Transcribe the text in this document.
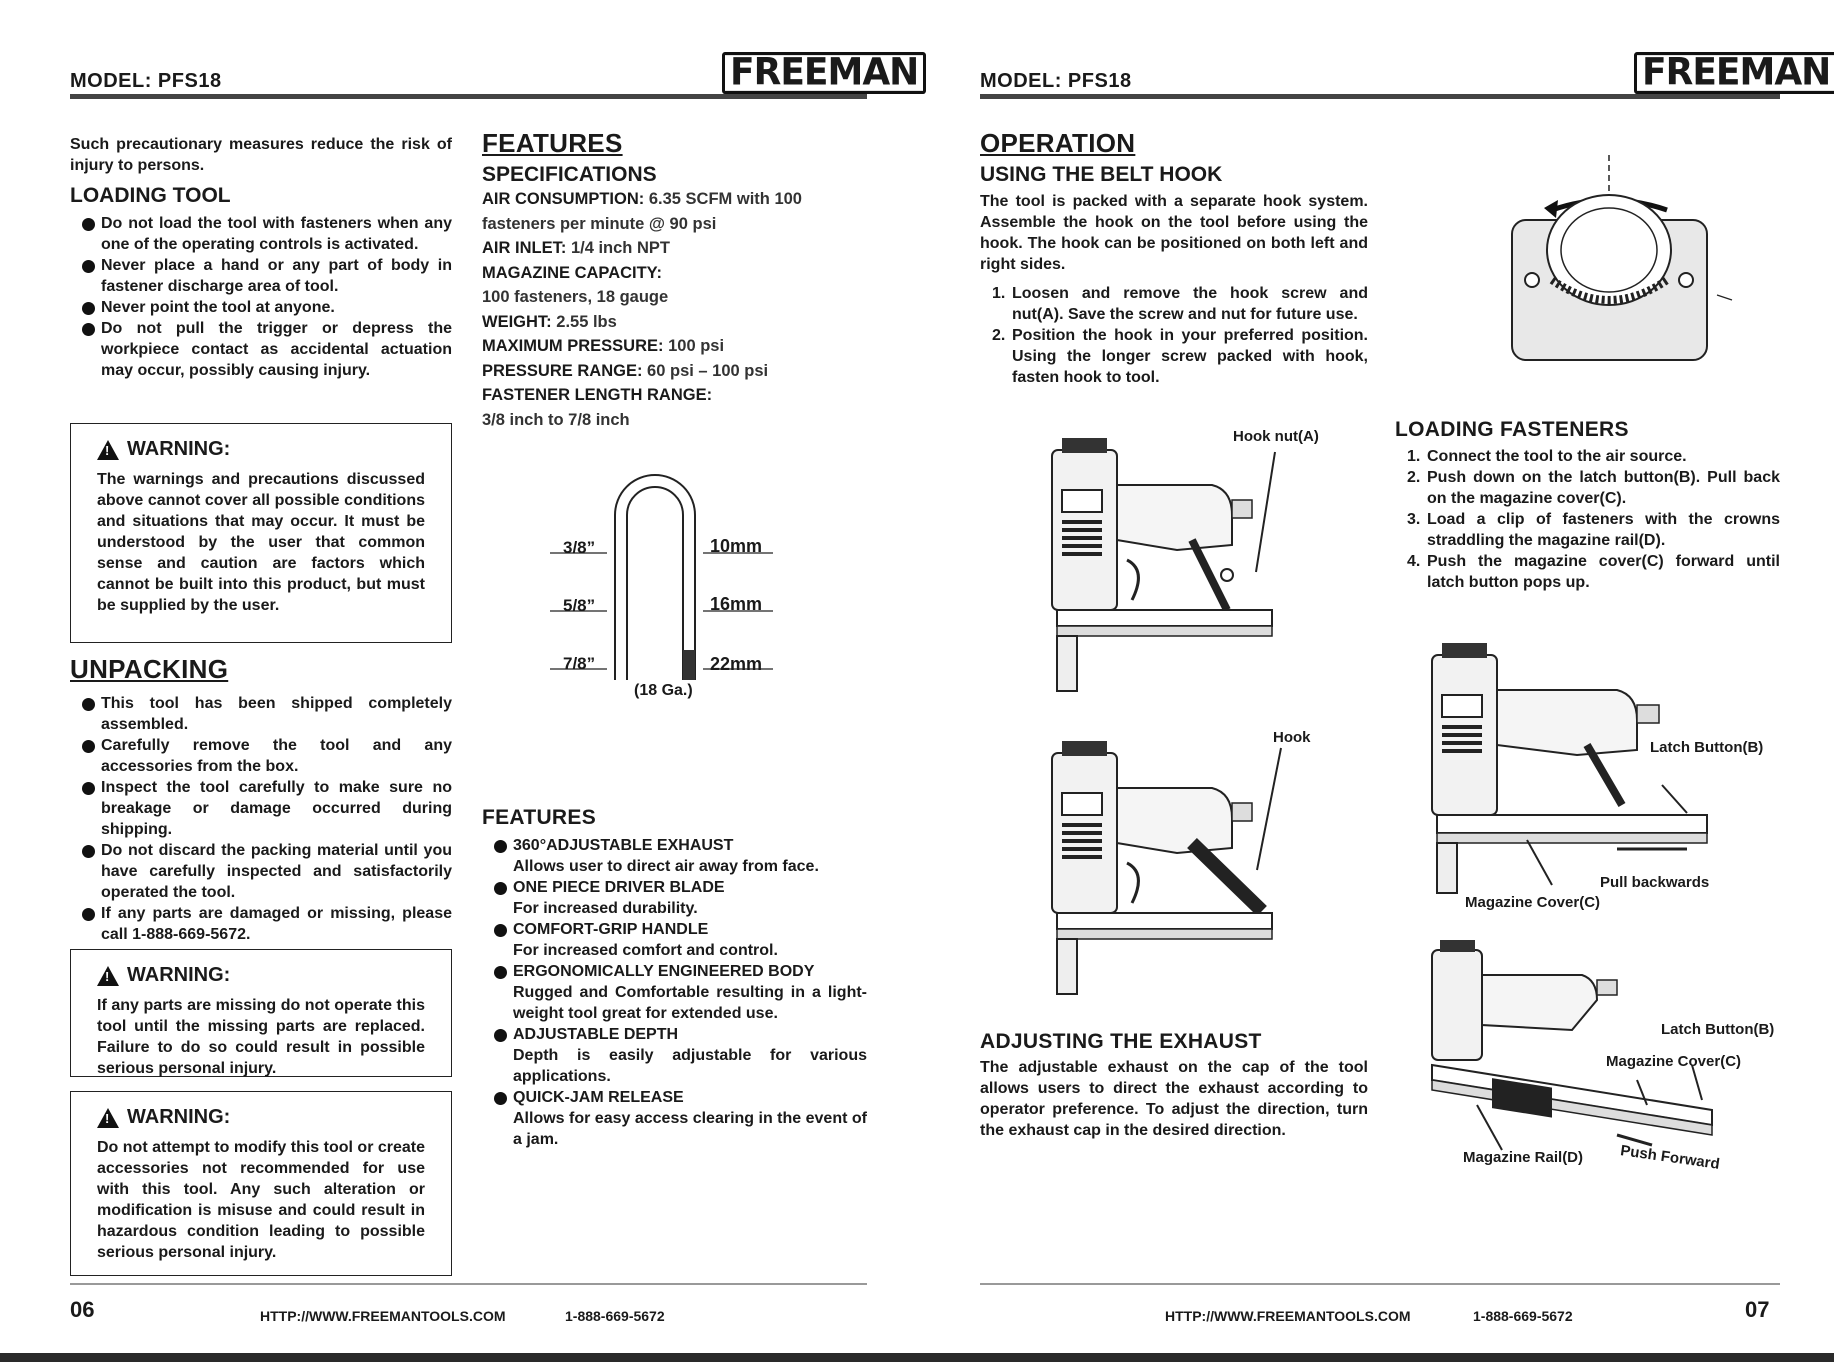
MODEL: PFS18	FREEMAN

Such precautionary measures reduce the risk of injury to persons.

LOADING TOOL
Do not load the tool with fasteners when any one of the operating controls is activated.
Never place a hand or any part of body in fastener discharge area of tool.
Never point the tool at anyone.
Do not pull the trigger or depress the workpiece contact as accidental actuation may occur, possibly causing injury.
!
WARNING:

The warnings and precautions discussed above cannot cover all possible conditions and situations that may occur. It must be understood by the user that common sense and caution are factors which cannot be built into this product, but must be supplied by the user.

UNPACKING
This tool has been shipped completely assembled.
Carefully remove the tool and any accessories from the box.
Inspect the tool carefully to make sure no breakage or damage occurred during shipping.
Do not discard the packing material until you have carefully inspected and satisfactorily operated the tool.
If any parts are damaged or missing, please call 1-888-669-5672.
!
WARNING:

If any parts are missing do not operate this tool until the missing parts are replaced. Failure to do so could result in possible serious personal injury.

!
WARNING:

Do not attempt to modify this tool or create accessories not recommended for use with this tool. Any such alteration or modification is misuse and could result in hazardous condition leading to possible serious personal injury.

FEATURES
SPECIFICATIONS
AIR CONSUMPTION: 6.35 SCFM with 100
fasteners per minute @ 90 psi
AIR INLET: 1/4 inch NPT
MAGAZINE CAPACITY:
100 fasteners, 18 gauge
WEIGHT: 2.55 lbs
MAXIMUM PRESSURE: 100 psi
PRESSURE RANGE: 60 psi – 100 psi
FASTENER LENGTH RANGE:
3/8 inch to 7/8 inch
3/8”
5/8”
7/8”
10mm
16mm
22mm
(18 Ga.)
FEATURES
360°ADJUSTABLE EXHAUST
Allows user to direct air away from face.
ONE PIECE DRIVER BLADE
For increased durability.
COMFORT-GRIP HANDLE
For increased comfort and control.
ERGONOMICALLY ENGINEERED BODY
Rugged and Comfortable resulting in a light-weight tool great for extended use.
ADJUSTABLE DEPTH
Depth is easily adjustable for various applications.
QUICK-JAM RELEASE
Allows for easy access clearing in the event of a jam.
06	HTTP://WWW.FREEMANTOOLS.COM	1-888-669-5672
MODEL: PFS18	FREEMAN
OPERATION
USING THE BELT HOOK

The tool is packed with a separate hook system. Assemble the hook on the tool before using the hook. The hook can be positioned on both left and right sides.

1. Loosen and remove the hook screw and nut(A). Save the screw and nut for future use.
2. Position the hook in your preferred position. Using the longer screw packed with hook, fasten hook to tool.
Hook nut(A)
Hook
ADJUSTING THE EXHAUST

The adjustable exhaust on the cap of the tool allows users to direct the exhaust according to operator preference. To adjust the direction, turn the exhaust cap in the desired direction.

LOADING FASTENERS
1. Connect the tool to the air source.
2. Push down on the latch button(B). Pull back on the magazine cover(C).
3. Load a clip of fasteners with the crowns straddling the magazine rail(D).
4. Push the magazine cover(C) forward until latch button pops up.
Latch Button(B)
Pull backwards
Magazine Cover(C)
Latch Button(B)
Magazine Cover(C)
Magazine Rail(D) Push Forward
HTTP://WWW.FREEMANTOOLS.COM	1-888-669-5672	07
